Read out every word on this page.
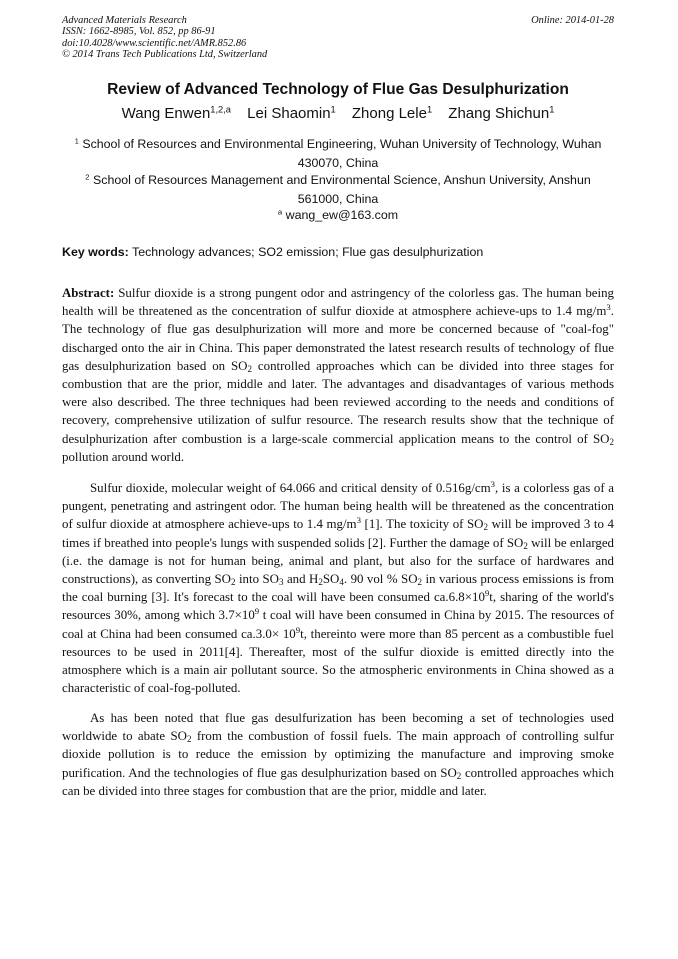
Advanced Materials Research
ISSN: 1662-8985, Vol. 852, pp 86-91
doi:10.4028/www.scientific.net/AMR.852.86
© 2014 Trans Tech Publications Ltd, Switzerland
Online: 2014-01-28
Review of Advanced Technology of Flue Gas Desulphurization
Wang Enwen$^{1,2,a}$ Lei Shaomin$^1$ Zhong Lele$^1$ Zhang Shichun$^1$
$^1$ School of Resources and Environmental Engineering, Wuhan University of Technology, Wuhan 430070, China
$^2$ School of Resources Management and Environmental Science, Anshun University, Anshun 561000, China
$^a$ wang_ew@163.com
Key words: Technology advances; SO2 emission; Flue gas desulphurization
Abstract: Sulfur dioxide is a strong pungent odor and astringency of the colorless gas. The human being health will be threatened as the concentration of sulfur dioxide at atmosphere achieve-ups to 1.4 $mg/m^3$. The technology of flue gas desulphurization will more and more be concerned because of "coal-fog" discharged onto the air in China. This paper demonstrated the latest research results of technology of flue gas desulphurization based on $SO_2$ controlled approaches which can be divided into three stages for combustion that are the prior, middle and later. The advantages and disadvantages of various methods were also described. The three techniques had been reviewed according to the needs and conditions of recovery, comprehensive utilization of sulfur resource. The research results show that the technique of desulphurization after combustion is a large-scale commercial application means to the control of $SO_2$ pollution around world.
Sulfur dioxide, molecular weight of 64.066 and critical density of $0.516g/cm^3$, is a colorless gas of a pungent, penetrating and astringent odor. The human being health will be threatened as the concentration of sulfur dioxide at atmosphere achieve-ups to 1.4 $mg/m^3$ [1]. The toxicity of $SO_2$ will be improved 3 to 4 times if breathed into people's lungs with suspended solids [2]. Further the damage of $SO_2$ will be enlarged (i.e. the damage is not for human being, animal and plant, but also for the surface of hardwares and constructions), as converting $SO_2$ into $SO_3$ and $H_2SO_4$. 90 vol % $SO_2$ in various process emissions is from the coal burning [3]. It's forecast to the coal will have been consumed $ca.6.8\times 10^9t$, sharing of the world's resources 30%, among which $3.7\times 10^9$ t coal will have been consumed in China by 2015. The resources of coal at China had been consumed $ca.3.0\times 10^9t$, thereinto were more than 85 percent as a combustible fuel resources to be used in 2011[4]. Thereafter, most of the sulfur dioxide is emitted directly into the atmosphere which is a main air pollutant source. So the atmospheric environments in China showed as a characteristic of coal-fog-polluted.
As has been noted that flue gas desulfurization has been becoming a set of technologies used worldwide to abate $SO_2$ from the combustion of fossil fuels. The main approach of controlling sulfur dioxide pollution is to reduce the emission by optimizing the manufacture and improving smoke purification. And the technologies of flue gas desulphurization based on $SO_2$ controlled approaches which can be divided into three stages for combustion that are the prior, middle and later.
